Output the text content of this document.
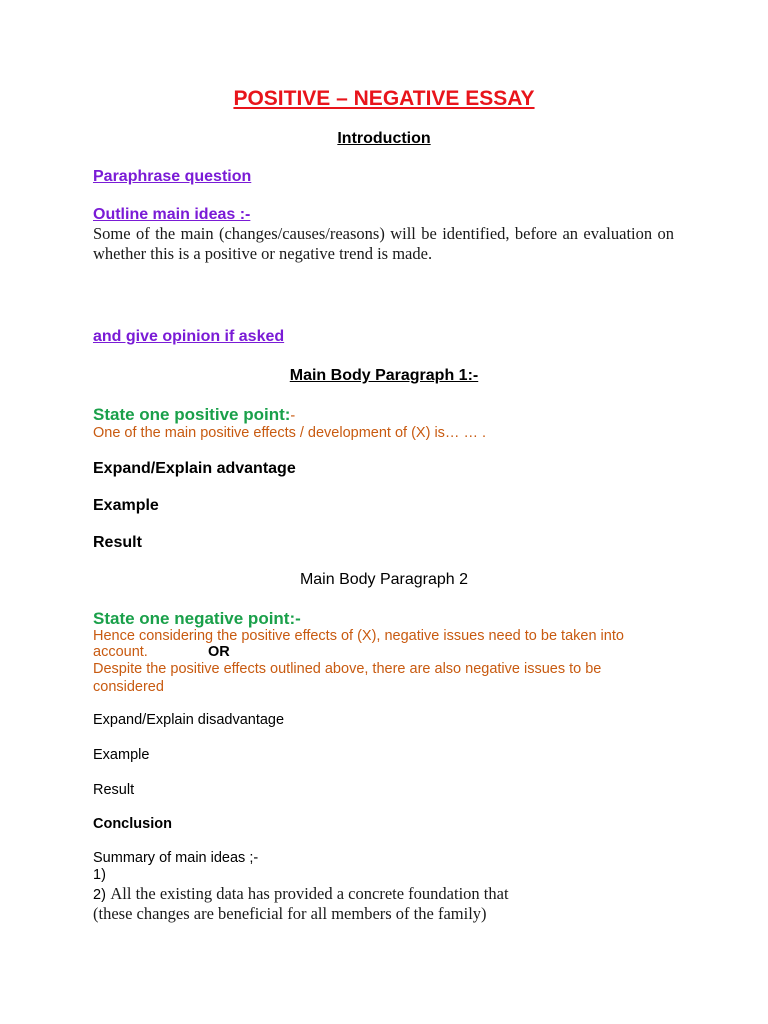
POSITIVE – NEGATIVE ESSAY
Introduction
Paraphrase question
Outline main ideas :-
Some of the main (changes/causes/reasons) will be identified, before an evaluation on whether this is a positive or negative trend is made.
and give opinion if asked
Main Body Paragraph 1:-
State one positive point:-
One of the main positive effects / development of (X) is… … .
Expand/Explain advantage
Example
Result
Main Body Paragraph 2
State one negative point:-
Hence considering the positive effects of (X), negative issues need to be taken into
account.	OR
Despite the positive effects outlined above, there are also negative issues to be
considered
Expand/Explain disadvantage
Example
Result
Conclusion
Summary of main ideas ;-
1)
2) All the existing data has provided a concrete foundation that
(these changes are beneficial for all members of the family)
